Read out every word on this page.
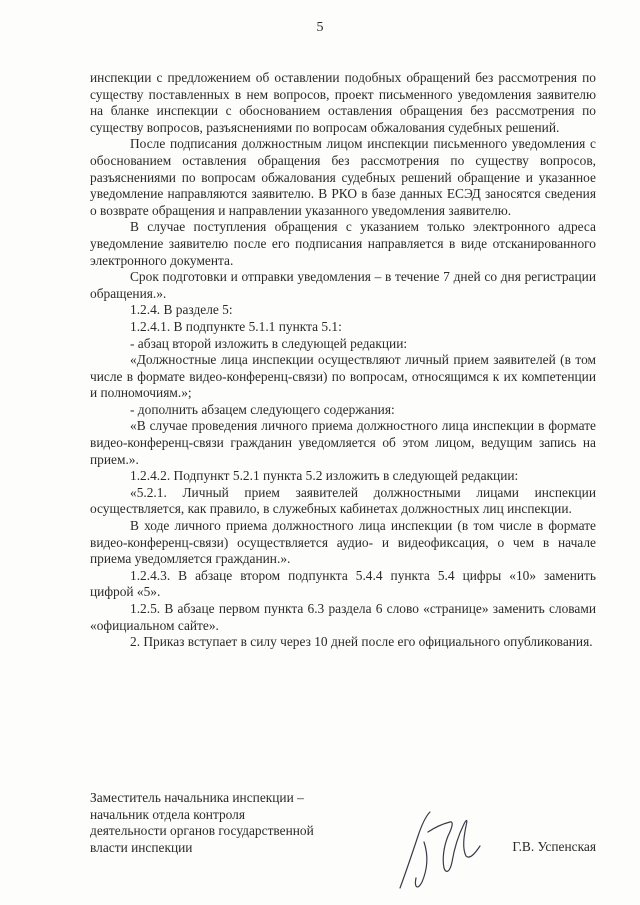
5

инспекции с предложением об оставлении подобных обращений без рассмотрения по существу поставленных в нем вопросов, проект письменного уведомления заявителю на бланке инспекции с обоснованием оставления обращения без рассмотрения по существу вопросов, разъяснениями по вопросам обжалования судебных решений.

После подписания должностным лицом инспекции письменного уведомления с обоснованием оставления обращения без рассмотрения по существу вопросов, разъяснениями по вопросам обжалования судебных решений обращение и указанное уведомление направляются заявителю. В РКО в базе данных ЕСЭД заносятся сведения о возврате обращения и направлении указанного уведомления заявителю.

В случае поступления обращения с указанием только электронного адреса уведомление заявителю после его подписания направляется в виде отсканированного электронного документа.

Срок подготовки и отправки уведомления – в течение 7 дней со дня регистрации обращения.».

1.2.4. В разделе 5:

1.2.4.1. В подпункте 5.1.1 пункта 5.1:

- абзац второй изложить в следующей редакции:

«Должностные лица инспекции осуществляют личный прием заявителей (в том числе в формате видео-конференц-связи) по вопросам, относящимся к их компетенции и полномочиям.»;

- дополнить абзацем следующего содержания:

«В случае проведения личного приема должностного лица инспекции в формате видео-конференц-связи гражданин уведомляется об этом лицом, ведущим запись на прием.».

1.2.4.2. Подпункт 5.2.1 пункта 5.2 изложить в следующей редакции:

«5.2.1. Личный прием заявителей должностными лицами инспекции осуществляется, как правило, в служебных кабинетах должностных лиц инспекции.

В ходе личного приема должностного лица инспекции (в том числе в формате видео-конференц-связи) осуществляется аудио- и видеофиксация, о чем в начале приема уведомляется гражданин.».

1.2.4.3. В абзаце втором подпункта 5.4.4 пункта 5.4 цифры «10» заменить цифрой «5».

1.2.5. В абзаце первом пункта 6.3 раздела 6 слово «странице» заменить словами «официальном сайте».

2. Приказ вступает в силу через 10 дней после его официального опубликования.

Заместитель начальника инспекции –
начальник отдела контроля
деятельности органов государственной
власти инспекции	Г.В. Успенская
